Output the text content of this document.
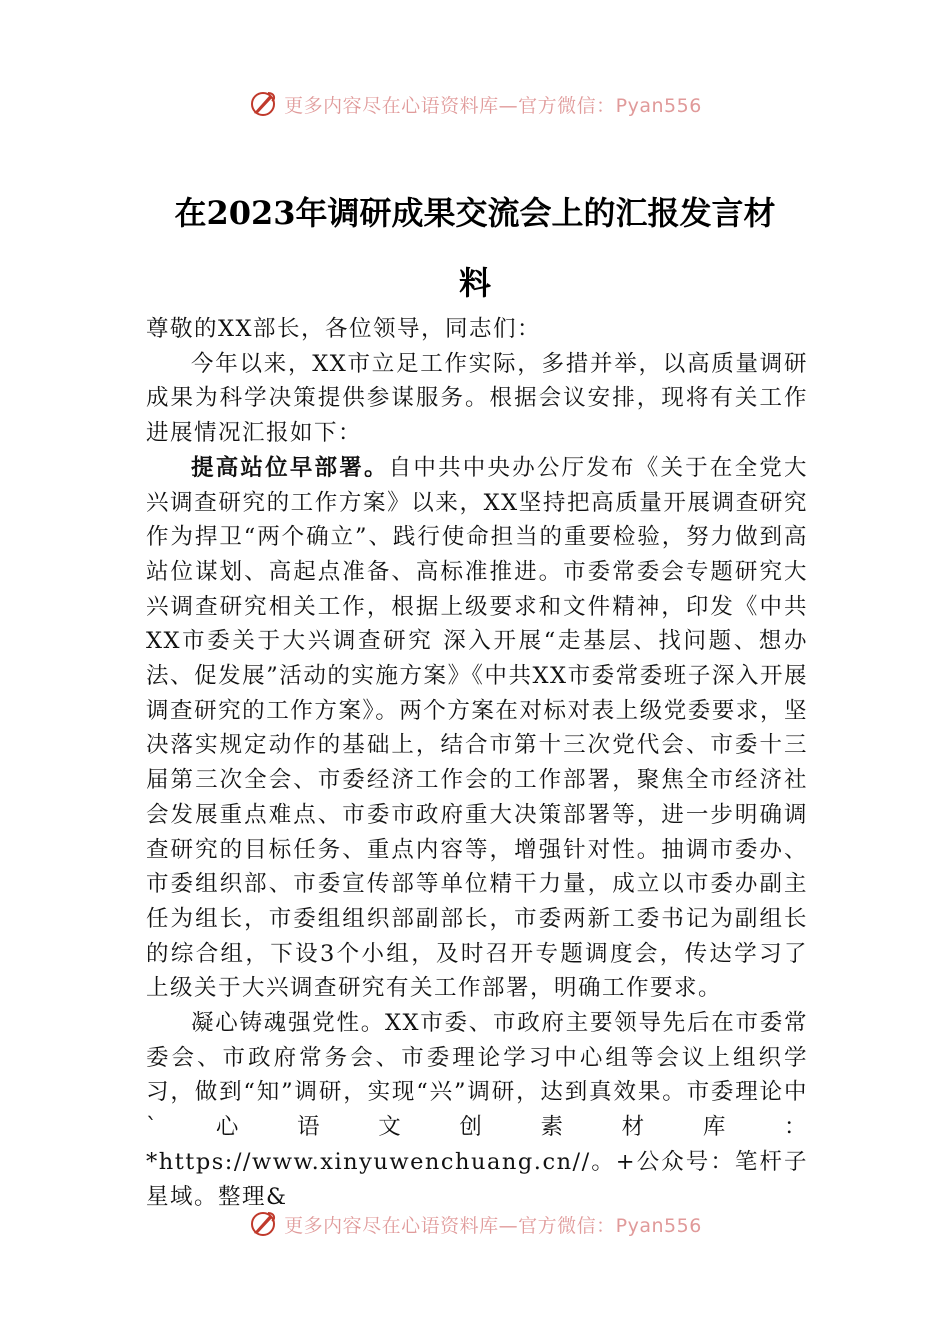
更多内容尽在心语资料库—官方微信：Pyan556
在2023年调研成果交流会上的汇报发言材
料

尊敬的XX部长，各位领导，同志们：

今年以来，XX市立足工作实际，多措并举，以高质量调研成果为科学决策提供参谋服务。根据会议安排，现将有关工作进展情况汇报如下：

提高站位早部署。自中共中央办公厅发布《关于在全党大兴调查研究的工作方案》以来，XX坚持把高质量开展调查研究作为捍卫“两个确立”、践行使命担当的重要检验，努力做到高站位谋划、高起点准备、高标准推进。市委常委会专题研究大兴调查研究相关工作，根据上级要求和文件精神，印发《中共XX市委关于大兴调查研究 深入开展“走基层、找问题、想办法、促发展”活动的实施方案》《中共XX市委常委班子深入开展调查研究的工作方案》。两个方案在对标对表上级党委要求，坚决落实规定动作的基础上，结合市第十三次党代会、市委十三届第三次全会、市委经济工作会的工作部署，聚焦全市经济社会发展重点难点、市委市政府重大决策部署等，进一步明确调查研究的目标任务、重点内容等，增强针对性。抽调市委办、市委组织部、市委宣传部等单位精干力量，成立以市委办副主任为组长，市委组组织部副部长，市委两新工委书记为副组长的综合组，下设3个小组，及时召开专题调度会，传达学习了上级关于大兴调查研究有关工作部署，明确工作要求。

凝心铸魂强党性。XX市委、市政府主要领导先后在市委常委会、市政府常务会、市委理论学习中心组等会议上组织学习，做到“知”调研，实现“兴”调研，达到真效果。市委理论中`心语文创素材库：*https://www.xinyuwenchuang.cn//。+公众号：笔杆子星域。整理&

更多内容尽在心语资料库—官方微信：Pyan556
